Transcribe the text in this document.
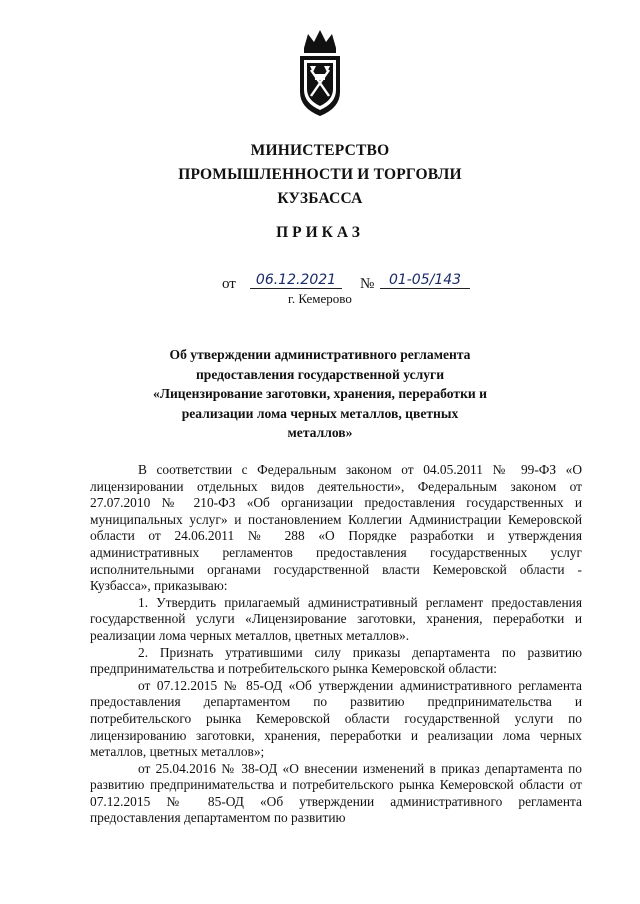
МИНИСТЕРСТВО
ПРОМЫШЛЕННОСТИ И ТОРГОВЛИ
КУЗБАССА
ПРИКАЗ
от	06.12.2021	№	01-05/143
г. Кемерово
Об утверждении административного регламента
предоставления государственной услуги
«Лицензирование заготовки, хранения, переработки и
реализации лома черных металлов, цветных
металлов»

В соответствии с Федеральным законом от 04.05.2011 № 99-ФЗ «О лицензировании отдельных видов деятельности», Федеральным законом от 27.07.2010 № 210-ФЗ «Об организации предоставления государственных и муниципальных услуг» и постановлением Коллегии Администрации Кемеровской области от 24.06.2011 № 288 «О Порядке разработки и утверждения административных регламентов предоставления государственных услуг исполнительными органами государственной власти Кемеровской области - Кузбасса», приказываю:

1. Утвердить прилагаемый административный регламент предоставления государственной услуги «Лицензирование заготовки, хранения, переработки и реализации лома черных металлов, цветных металлов».

2. Признать утратившими силу приказы департамента по развитию предпринимательства и потребительского рынка Кемеровской области:

от 07.12.2015 № 85-ОД «Об утверждении административного регламента предоставления департаментом по развитию предпринимательства и потребительского рынка Кемеровской области государственной услуги по лицензированию заготовки, хранения, переработки и реализации лома черных металлов, цветных металлов»;

от 25.04.2016 № 38-ОД «О внесении изменений в приказ департамента по развитию предпринимательства и потребительского рынка Кемеровской области от 07.12.2015 № 85-ОД «Об утверждении административного регламента предоставления департаментом по развитию
